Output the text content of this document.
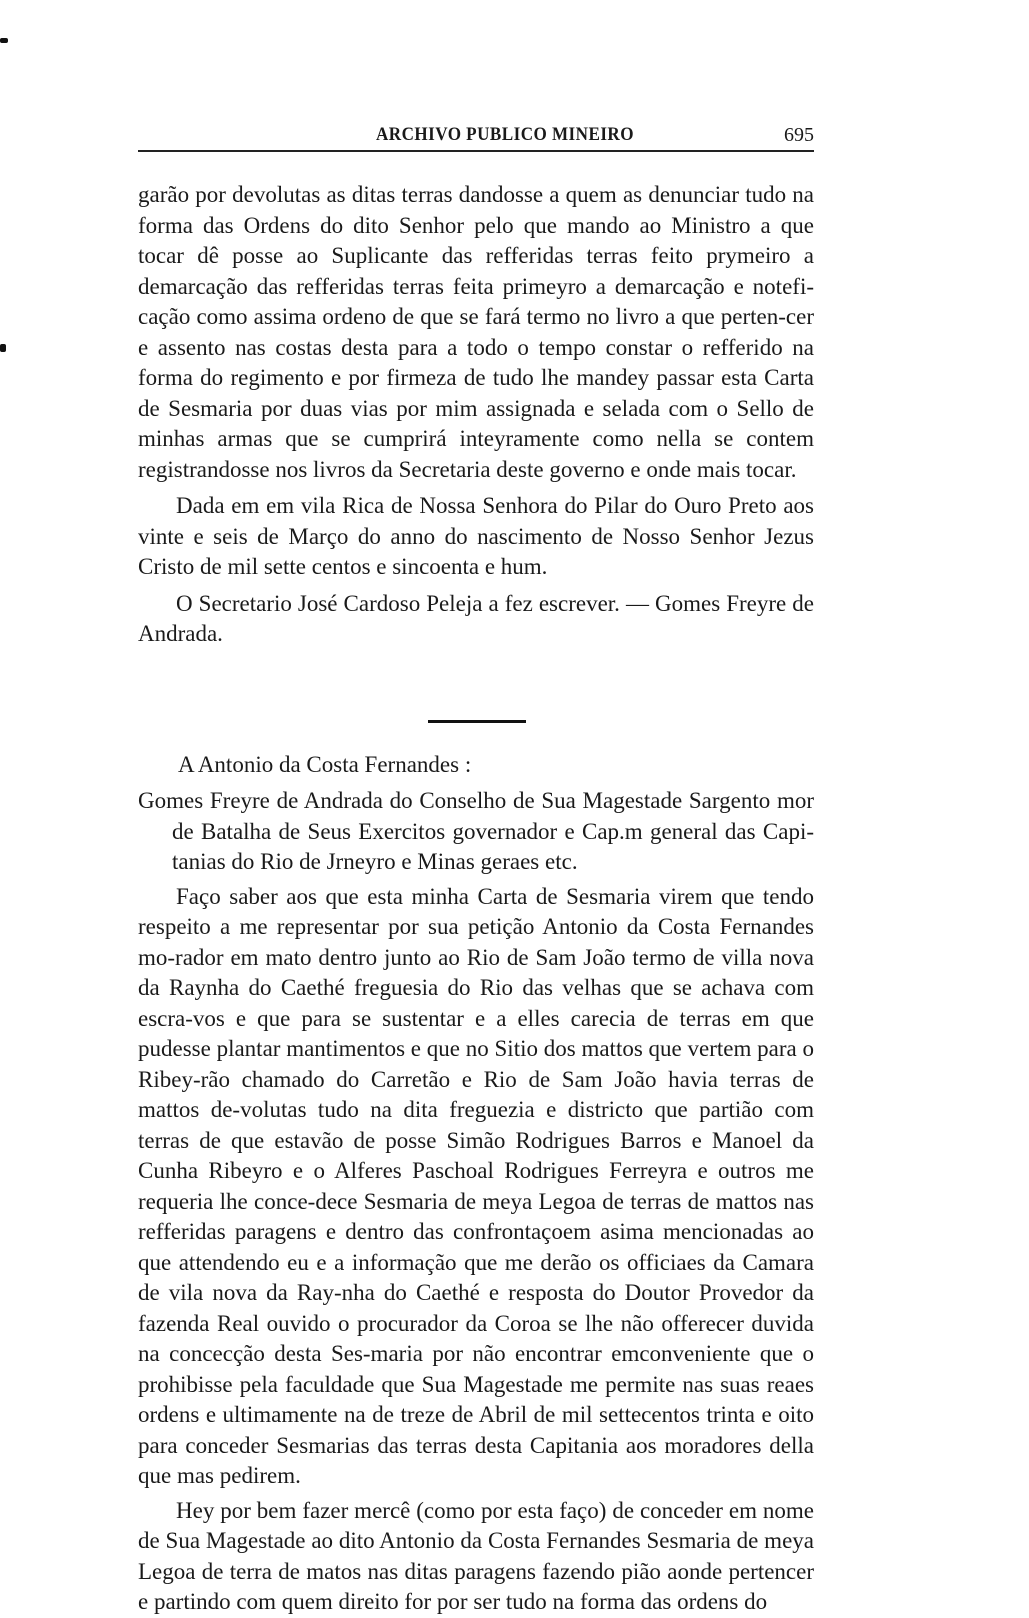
ARCHIVO PUBLICO MINEIRO	695

garão por devolutas as ditas terras dandosse a quem as denunciar tudo na forma das Ordens do dito Senhor pelo que mando ao Ministro a que tocar dê posse ao Suplicante das refferidas terras feito prymeiro a demarcação das refferidas terras feita primeyro a demarcação e notefi-cação como assima ordeno de que se fará termo no livro a que perten-cer e assento nas costas desta para a todo o tempo constar o refferido na forma do regimento e por firmeza de tudo lhe mandey passar esta Carta de Sesmaria por duas vias por mim assignada e selada com o Sello de minhas armas que se cumprirá inteyramente como nella se contem registrandosse nos livros da Secretaria deste governo e onde mais tocar.

Dada em em vila Rica de Nossa Senhora do Pilar do Ouro Preto aos vinte e seis de Março do anno do nascimento de Nosso Senhor Jezus Cristo de mil sette centos e sincoenta e hum.

O Secretario José Cardoso Peleja a fez escrever. — Gomes Freyre de Andrada.

A Antonio da Costa Fernandes :

Gomes Freyre de Andrada do Conselho de Sua Magestade Sargento mor de Batalha de Seus Exercitos governador e Cap.m general das Capi-tanias do Rio de Jrneyro e Minas geraes etc.

Faço saber aos que esta minha Carta de Sesmaria virem que tendo respeito a me representar por sua petição Antonio da Costa Fernandes mo-rador em mato dentro junto ao Rio de Sam João termo de villa nova da Raynha do Caethé freguesia do Rio das velhas que se achava com escra-vos e que para se sustentar e a elles carecia de terras em que pudesse plantar mantimentos e que no Sitio dos mattos que vertem para o Ribey-rão chamado do Carretão e Rio de Sam João havia terras de mattos de-volutas tudo na dita freguezia e districto que partião com terras de que estavão de posse Simão Rodrigues Barros e Manoel da Cunha Ribeyro e o Alferes Paschoal Rodrigues Ferreyra e outros me requeria lhe conce-dece Sesmaria de meya Legoa de terras de mattos nas refferidas paragens e dentro das confrontaçoem asima mencionadas ao que attendendo eu e a informação que me derão os officiaes da Camara de vila nova da Ray-nha do Caethé e resposta do Doutor Provedor da fazenda Real ouvido o procurador da Coroa se lhe não offerecer duvida na concecção desta Ses-maria por não encontrar emconveniente que o prohibisse pela faculdade que Sua Magestade me permite nas suas reaes ordens e ultimamente na de treze de Abril de mil settecentos trinta e oito para conceder Sesmarias das terras desta Capitania aos moradores della que mas pedirem.

Hey por bem fazer mercê (como por esta faço) de conceder em nome de Sua Magestade ao dito Antonio da Costa Fernandes Sesmaria de meya Legoa de terra de matos nas ditas paragens fazendo pião aonde pertencer e partindo com quem direito for por ser tudo na forma das ordens do
